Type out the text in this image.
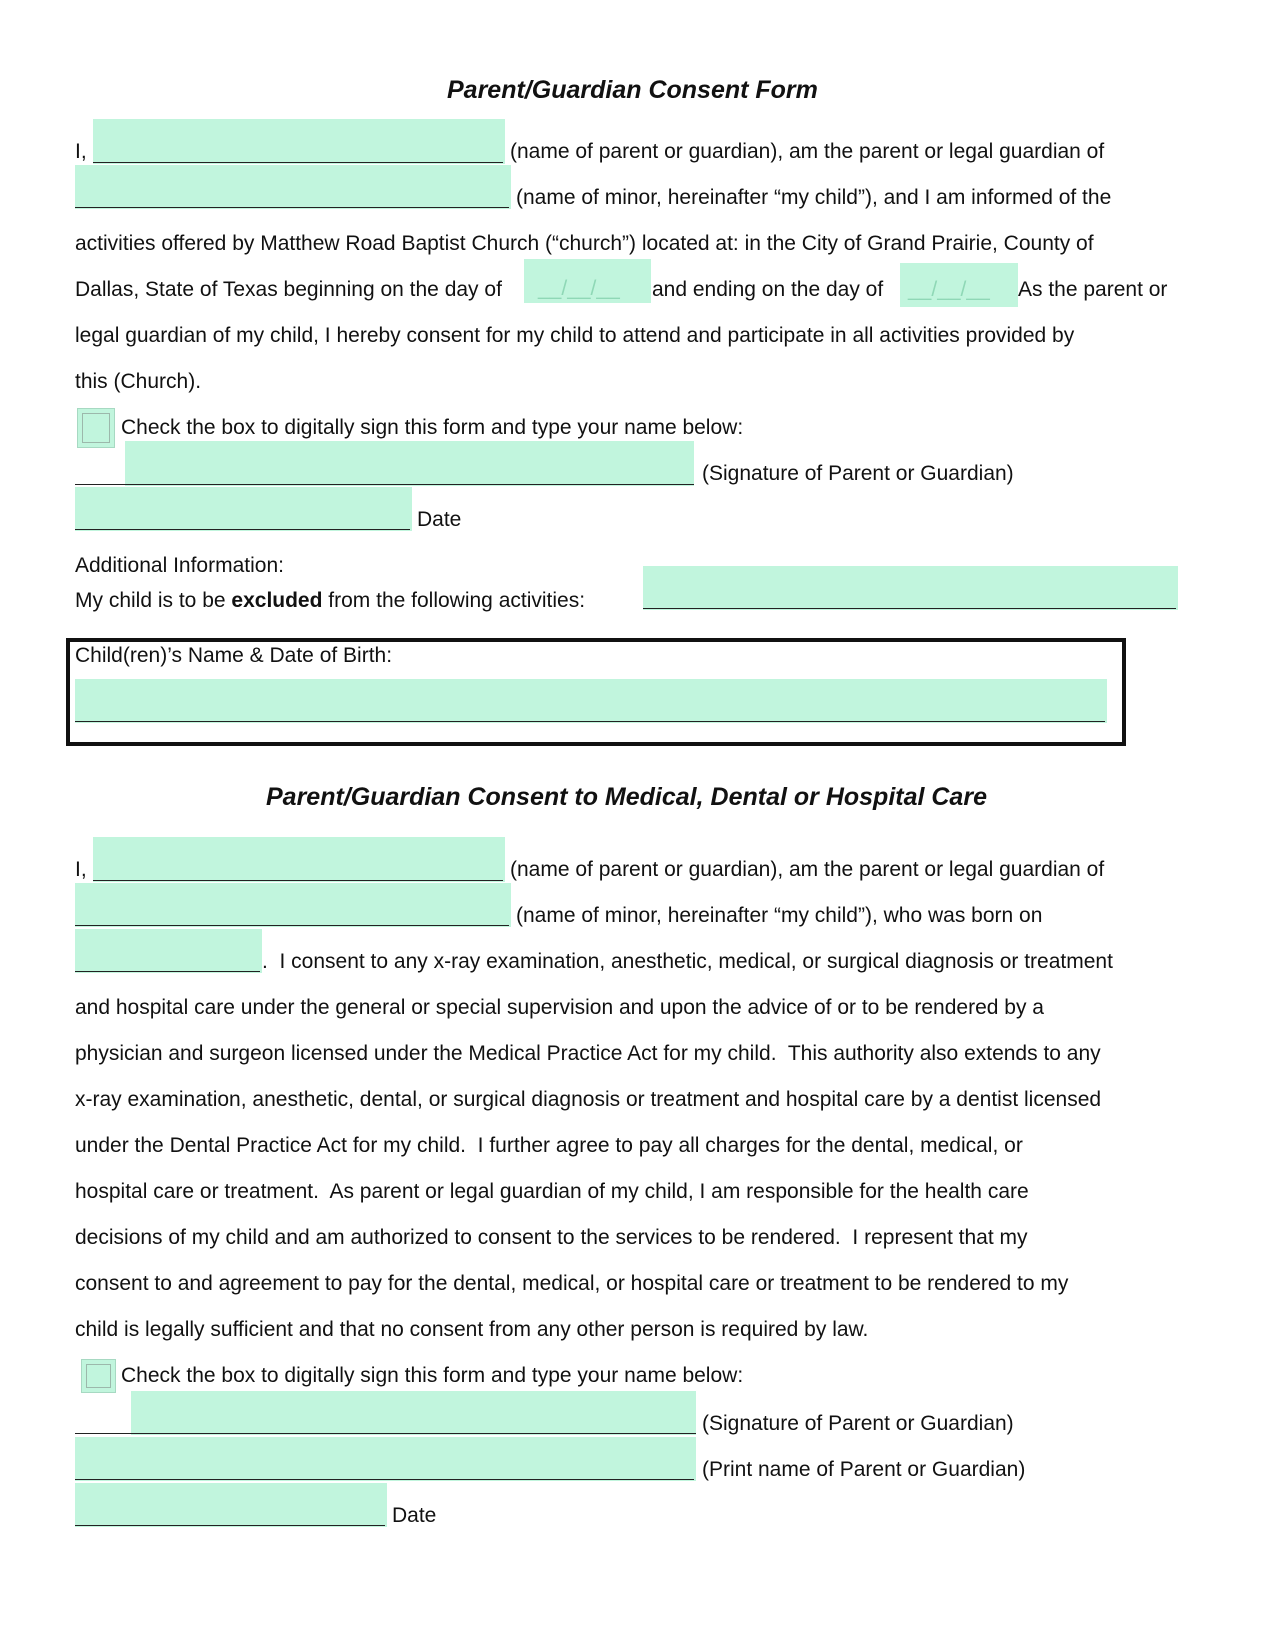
Parent/Guardian Consent Form
I,	(name of parent or guardian), am the parent or legal guardian of
(name of minor, hereinafter “my child”), and I am informed of the
activities offered by Matthew Road Baptist Church (“church”) located at: in the City of Grand Prairie, County of
Dallas, State of Texas beginning on the day of __/__/__ and ending on the day of __/__/__ As the parent or
legal guardian of my child, I hereby consent for my child to attend and participate in all activities provided by
this (Church).
Check the box to digitally sign this form and type your name below:
(Signature of Parent or Guardian)
Date
Additional Information:
My child is to be excluded from the following activities:
Child(ren)’s Name & Date of Birth:
Parent/Guardian Consent to Medical, Dental or Hospital Care
I,	(name of parent or guardian), am the parent or legal guardian of
(name of minor, hereinafter “my child”), who was born on
.  I consent to any x-ray examination, anesthetic, medical, or surgical diagnosis or treatment
and hospital care under the general or special supervision and upon the advice of or to be rendered by a
physician and surgeon licensed under the Medical Practice Act for my child.  This authority also extends to any
x-ray examination, anesthetic, dental, or surgical diagnosis or treatment and hospital care by a dentist licensed
under the Dental Practice Act for my child.  I further agree to pay all charges for the dental, medical, or
hospital care or treatment.  As parent or legal guardian of my child, I am responsible for the health care
decisions of my child and am authorized to consent to the services to be rendered.  I represent that my
consent to and agreement to pay for the dental, medical, or hospital care or treatment to be rendered to my
child is legally sufficient and that no consent from any other person is required by law.
Check the box to digitally sign this form and type your name below:
(Signature of Parent or Guardian)
(Print name of Parent or Guardian)
Date
